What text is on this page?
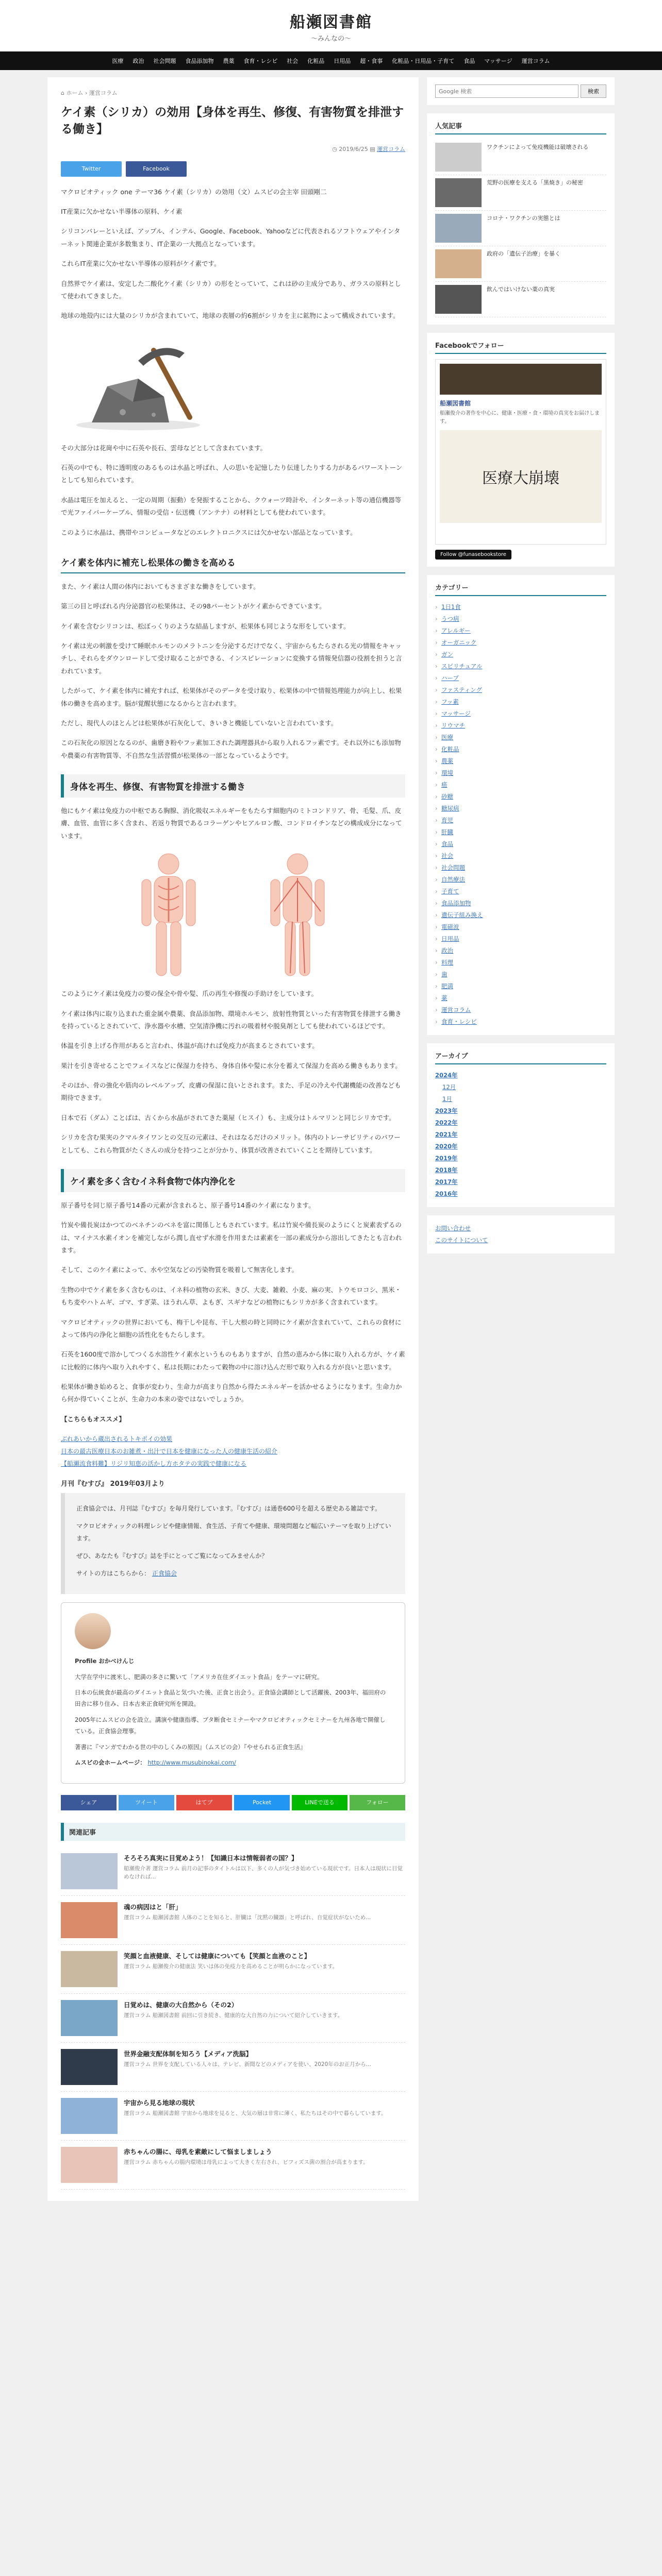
船瀬図書館
〜みんなの〜
医療 政治 社会問題 食品添加物 農薬 食育・レシピ 社会 化粧品 日用品 超・食事 化粧品・日用品・子育て 食品 マッサージ 運営コラム
⌂ ホーム › 運営コラム
ケイ素（シリカ）の効用【身体を再生、修復、有害物質を排泄する働き】
◷ 2019/6/25 ▤ 運営コラム
Twitter	Facebook

マクロビオティック one テーマ36 ケイ素（シリカ）の効用（文）ムスビの会主宰 田頭剛二

IT産業に欠かせない半導体の原料、ケイ素

シリコンバレーといえば、アップル、インテル、Google、Facebook、Yahooなどに代表されるソフトウェアやインターネット関連企業が多数集まり、IT企業の一大拠点となっています。

これらIT産業に欠かせない半導体の原料がケイ素です。

自然界でケイ素は、安定した二酸化ケイ素（シリカ）の形をとっていて、これは砂の主成分であり、ガラスの原料として使われてきました。

地球の地殻内には大量のシリカが含まれていて、地球の表層の約6割がシリカを主に鉱物によって構成されています。

その大部分は花崗や中に石英や長石、雲母などとして含まれています。

石英の中でも、特に透明度のあるものは水晶と呼ばれ、人の思いを記憶したり伝達したりする力があるパワーストーンとしても知られています。

水晶は電圧を加えると、一定の周期（振動）を発振することから、クウォーツ時計や、インターネット等の通信機器等で光ファイバーケーブル、情報の受信・伝送機（アンテナ）の材料としても使われています。

このように水晶は、携帯やコンピュータなどのエレクトロニクスには欠かせない部品となっています。

ケイ素を体内に補充し松果体の働きを高める

また、ケイ素は人間の体内においてもさまざまな働きをしています。

第三の目と呼ばれる内分泌器官の松果体は、その98パーセントがケイ素からできています。

ケイ素を含むシリコンは、松ぼっくりのような結晶しますが、松果体も同じような形をしています。

ケイ素は光の刺激を受けて睡眠ホルモンのメラトニンを分泌するだけでなく、宇宙からもたらされる光の情報をキャッチし、それらをダウンロードして受け取ることができる、インスピレーションに変換する情報発信器の役割を担うと言われています。

したがって、ケイ素を体内に補充すれば、松果体がそのデータを受け取り、松果体の中で情報処理能力が向上し、松果体の働きを高めます。脳が覚醒状態になるからと言われます。

ただし、現代人のほとんどは松果体が石灰化して、きいきと機能していないと言われています。

この石灰化の原因となるのが、歯磨き粉やフッ素加工された調理器具から取り入れるフッ素です。それ以外にも添加物や農薬の有害物質等、不自然な生活習慣が松果体の一部となっているようです。

身体を再生、修復、有害物質を排泄する働き

他にもケイ素は免疫力の中枢である胸腺、消化吸収エネルギーをもたらす細胞内のミトコンドリア、骨、毛髪、爪、皮膚、血管、血管に多く含まれ、若返り物質であるコラーゲンやヒアルロン酸、コンドロイチンなどの構成成分になっています。

このようにケイ素は免疫力の要の保全や骨や髪、爪の再生や修復の手助けをしています。

ケイ素は体内に取り込まれた重金属や農薬、食品添加物、環境ホルモン、放射性物質といった有害物質を排泄する働きを持っているとされていて、浄水器や水槽、空気清浄機に汚れの吸着材や脱臭剤としても使われているほどです。

体温を引き上げる作用があると言われ、体温が高ければ免疫力が高まるとされています。

果汁を引き寄せることでフェイスなどに保湿力を持ち、身体自体や髪に水分を蓄えて保湿力を高める働きもあります。

そのほか、骨の強化や筋肉のレベルアップ、皮膚の保湿に良いとされます。また、手足の冷えや代謝機能の改善なども期待できます。

日本で石（ダム）ことばは、古くから水晶がされてきた薬屋（ヒスイ）も、主成分はトルマリンと同じシリカです。

シリカを含む果実のクマルタイワンとの交互の元素は、それはなるだけのメリット。体内のトレーサビリティのパワーとしても、これら物質がたくさんの成分を持つことが分かり、体質が改善されていくことを期待しています。

ケイ素を多く含むイネ科食物で体内浄化を

原子番号を同じ原子番号14番の元素が含まれると、原子番号14番のケイ素になります。

竹炭や備長炭はかつてのベネチンのベネを富に関係しともされています。私は竹炭や備長炭のようにくと炭素表ずるのは、マイナス水素イオンを補完しながら潤し直せず水滑を作用または素素を一部の素成分から溶出してきたとも言われます。

そして、このケイ素によって、水や空気などの汚染物質を吸着して無害化します。

生物の中でケイ素を多く含むものは、イネ科の植物の玄米、きび、大麦、雑穀、小麦、麻の実、トウモロコシ、黒米・もち麦やハトムギ、ゴマ、すぎ菜、ほうれん草、よもぎ、スギナなどの植物にもシリカが多く含まれています。

マクロビオティックの世界においても、梅干しや昆布、干し大根の時と同時にケイ素が含まれていて、これらの食材によって体内の浄化と細胞の活性化をもたらします。

石英を1600度で溶かしてつくる水溶性ケイ素水というものもありますが、自然の恵みから体に取り入れる方が、ケイ素に比較的に体内へ取り入れやすく、私は長期にわたって穀物の中に溶け込んだ形で取り入れる方が良いと思います。

松果体が働き始めると、食事が変わり、生命力が高まり自然から得たエネルギーを活かせるようになります。生命力から何か得ていくことが、生命力の本来の姿ではないでしょうか。

【こちらもオススメ】

ぶれあいから蔵出されるトキポイの効果

日本の最古医療日本のお雑煮・出汁で日本を健康になった人の健康生活の紹介

【船瀬流食料難】リジリ知恵の活かし方ホタテの実践で健康になる

月刊『むすび』 2019年03月より

正食協会では、月刊誌『むすび』を毎月発行しています。『むすび』は通巻600号を超える歴史ある雑誌です。

マクロビオティックの料理レシピや健康情報、食生活、子育てや健康、環境問題など幅広いテーマを取り上げています。

ぜひ、あなたも『むすび』誌を手にとってご覧になってみませんか？

サイトの方はこちらから： 正食協会

Profile おかべけんじ

大学在学中に渡米し、肥満の多さに驚いて「アメリカ在住ダイエット食品」をテーマに研究。

日本の伝統食が最高のダイエット食品と気づいた後、正食と出会う。正食協会講師として活躍後、2003年、福田府の田舎に移り住み、日本古来正食研究所を開設。

2005年にムスビの会を設立。講演や健康指導、ブタ断食セミナーやマクロビオティックセミナーを九州各地で開催している。正食協会理事。

著書に『マンガでわかる世の中のしくみの原因』（ムスビの会）『やせられる正食生活』

ムスビの会ホームページ： http://www.musubinokai.com/

シェア	ツイート	はてブ	Pocket	LINEで送る	フォロー
関連記事
そろそろ真実に目覚めよう！【知識日本は情報弱者の国？】
船瀬俊介著 運営コラム 前月の記事のタイトルは以下、多くの人が気づき始めている現状です。日本人は現状に目覚めなければ...
魂の病因はと「肝」
運営コラム 船瀬図書館 人体のことを知ると、肝臓は「沈黙の臓器」と呼ばれ、自覚症状がないため...
笑顔と血液健康、そしては健康についても【笑顔と血液のこと】
運営コラム 船瀬俊介の健康法 笑いは体の免疫力を高めることが明らかになっています。
日覚めは、健康の大自然から（その2）
運営コラム 船瀬図書館 前回に引き続き、健康的な大自然の力について紹介していきます。
世界金融支配体制を知ろう【メディア洗脳】
運営コラム 世界を支配している人々は、テレビ、新聞などのメディアを使い、2020年のお正月から...
宇宙から見る地球の現状
運営コラム 船瀬図書館 宇宙から地球を見ると、大気の層は非常に薄く、私たちはその中で暮らしています。
赤ちゃんの腸に、母乳を素敵にして悩ましましょう
運営コラム 赤ちゃんの腸内環境は母乳によって大きく左右され、ビフィズス菌の割合が高まります。
Google 検索
検索
人気記事
ワクチンによって免疫機能は破壊される
荒野の医療を支える「黒焼き」の秘密
コロナ・ワクチンの実態とは
政府の「遺伝子治療」を暴く
飲んではいけない薬の真実
Facebookでフォロー
船瀬図書館
船瀬俊介の著作を中心に、健康・医療・食・環境の真実をお届けします。
医療大崩壊
Follow @funasebookstore
カテゴリー
› 1日1食
› うつ病
› アレルギー
› オーガニック
› ガン
› スピリチュアル
› ハーブ
› ファスティング
› フッ素
› マッサージ
› リウマチ
› 医療
› 化粧品
› 農薬
› 環境
› 癌
› 砂糖
› 糖尿病
› 育児
› 肝臓
› 食品
› 社会
› 社会問題
› 自然療法
› 子育て
› 食品添加物
› 遺伝子組み換え
› 電磁波
› 日用品
› 政治
› 料理
› 歯
› 肥満
› 薬
› 運営コラム
› 食育・レシピ
アーカイブ
2024年
12月
1月
2023年
2022年
2021年
2020年
2019年
2018年
2017年
2016年
お問い合わせ
このサイトについて
